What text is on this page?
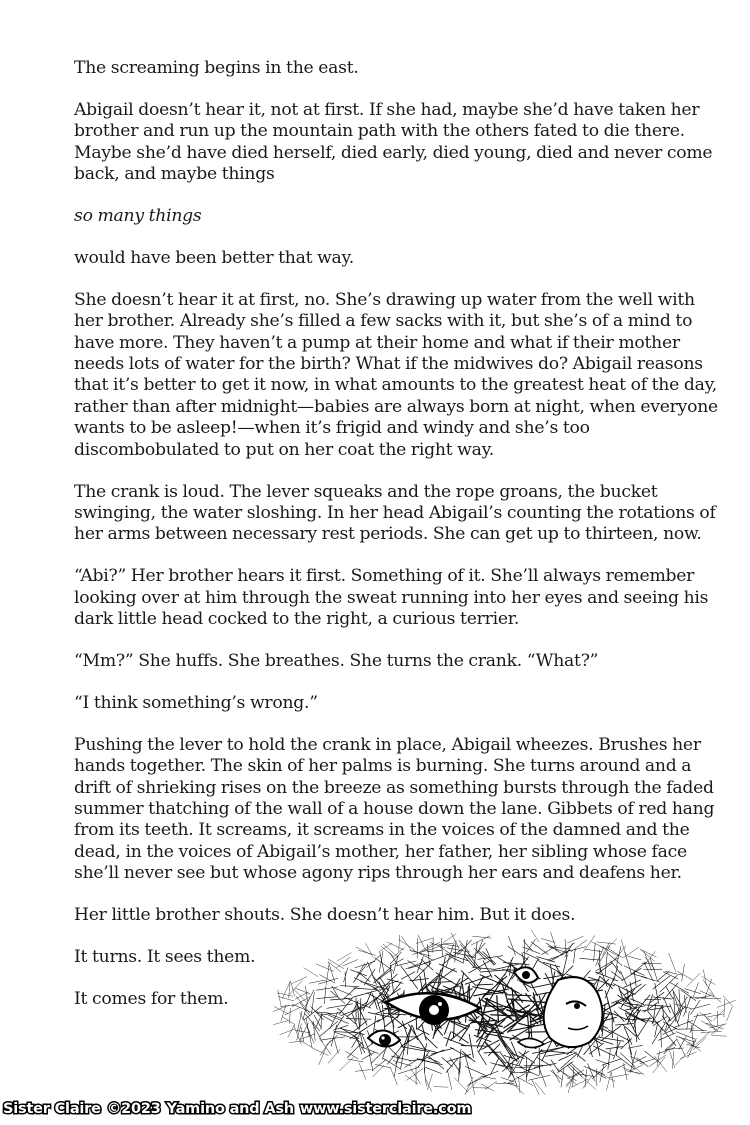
The screaming begins in the east.
Abigail doesn’t hear it, not at first. If she had, maybe she’d have taken her
brother and run up the mountain path with the others fated to die there.
Maybe she’d have died herself, died early, died young, died and never come
back, and maybe things
so many things
would have been better that way.
She doesn’t hear it at first, no. She’s drawing up water from the well with
her brother. Already she’s filled a few sacks with it, but she’s of a mind to
have more. They haven’t a pump at their home and what if their mother
needs lots of water for the birth? What if the midwives do? Abigail reasons
that it’s better to get it now, in what amounts to the greatest heat of the day,
rather than after midnight—babies are always born at night, when everyone
wants to be asleep!—when it’s frigid and windy and she’s too
discombobulated to put on her coat the right way.
The crank is loud. The lever squeaks and the rope groans, the bucket
swinging, the water sloshing. In her head Abigail’s counting the rotations of
her arms between necessary rest periods. She can get up to thirteen, now.
“Abi?” Her brother hears it first. Something of it. She’ll always remember
looking over at him through the sweat running into her eyes and seeing his
dark little head cocked to the right, a curious terrier.
“Mm?” She huffs. She breathes. She turns the crank. “What?”
“I think something’s wrong.”
Pushing the lever to hold the crank in place, Abigail wheezes. Brushes her
hands together. The skin of her palms is burning. She turns around and a
drift of shrieking rises on the breeze as something bursts through the faded
summer thatching of the wall of a house down the lane. Gibbets of red hang
from its teeth. It screams, it screams in the voices of the damned and the
dead, in the voices of Abigail’s mother, her father, her sibling whose face
she’ll never see but whose agony rips through her ears and deafens her.
Her little brother shouts. She doesn’t hear him. But it does.
It turns. It sees them.
It comes for them.
Sister Claire ©2023 Yamino and Ash www.sisterclaire.com
